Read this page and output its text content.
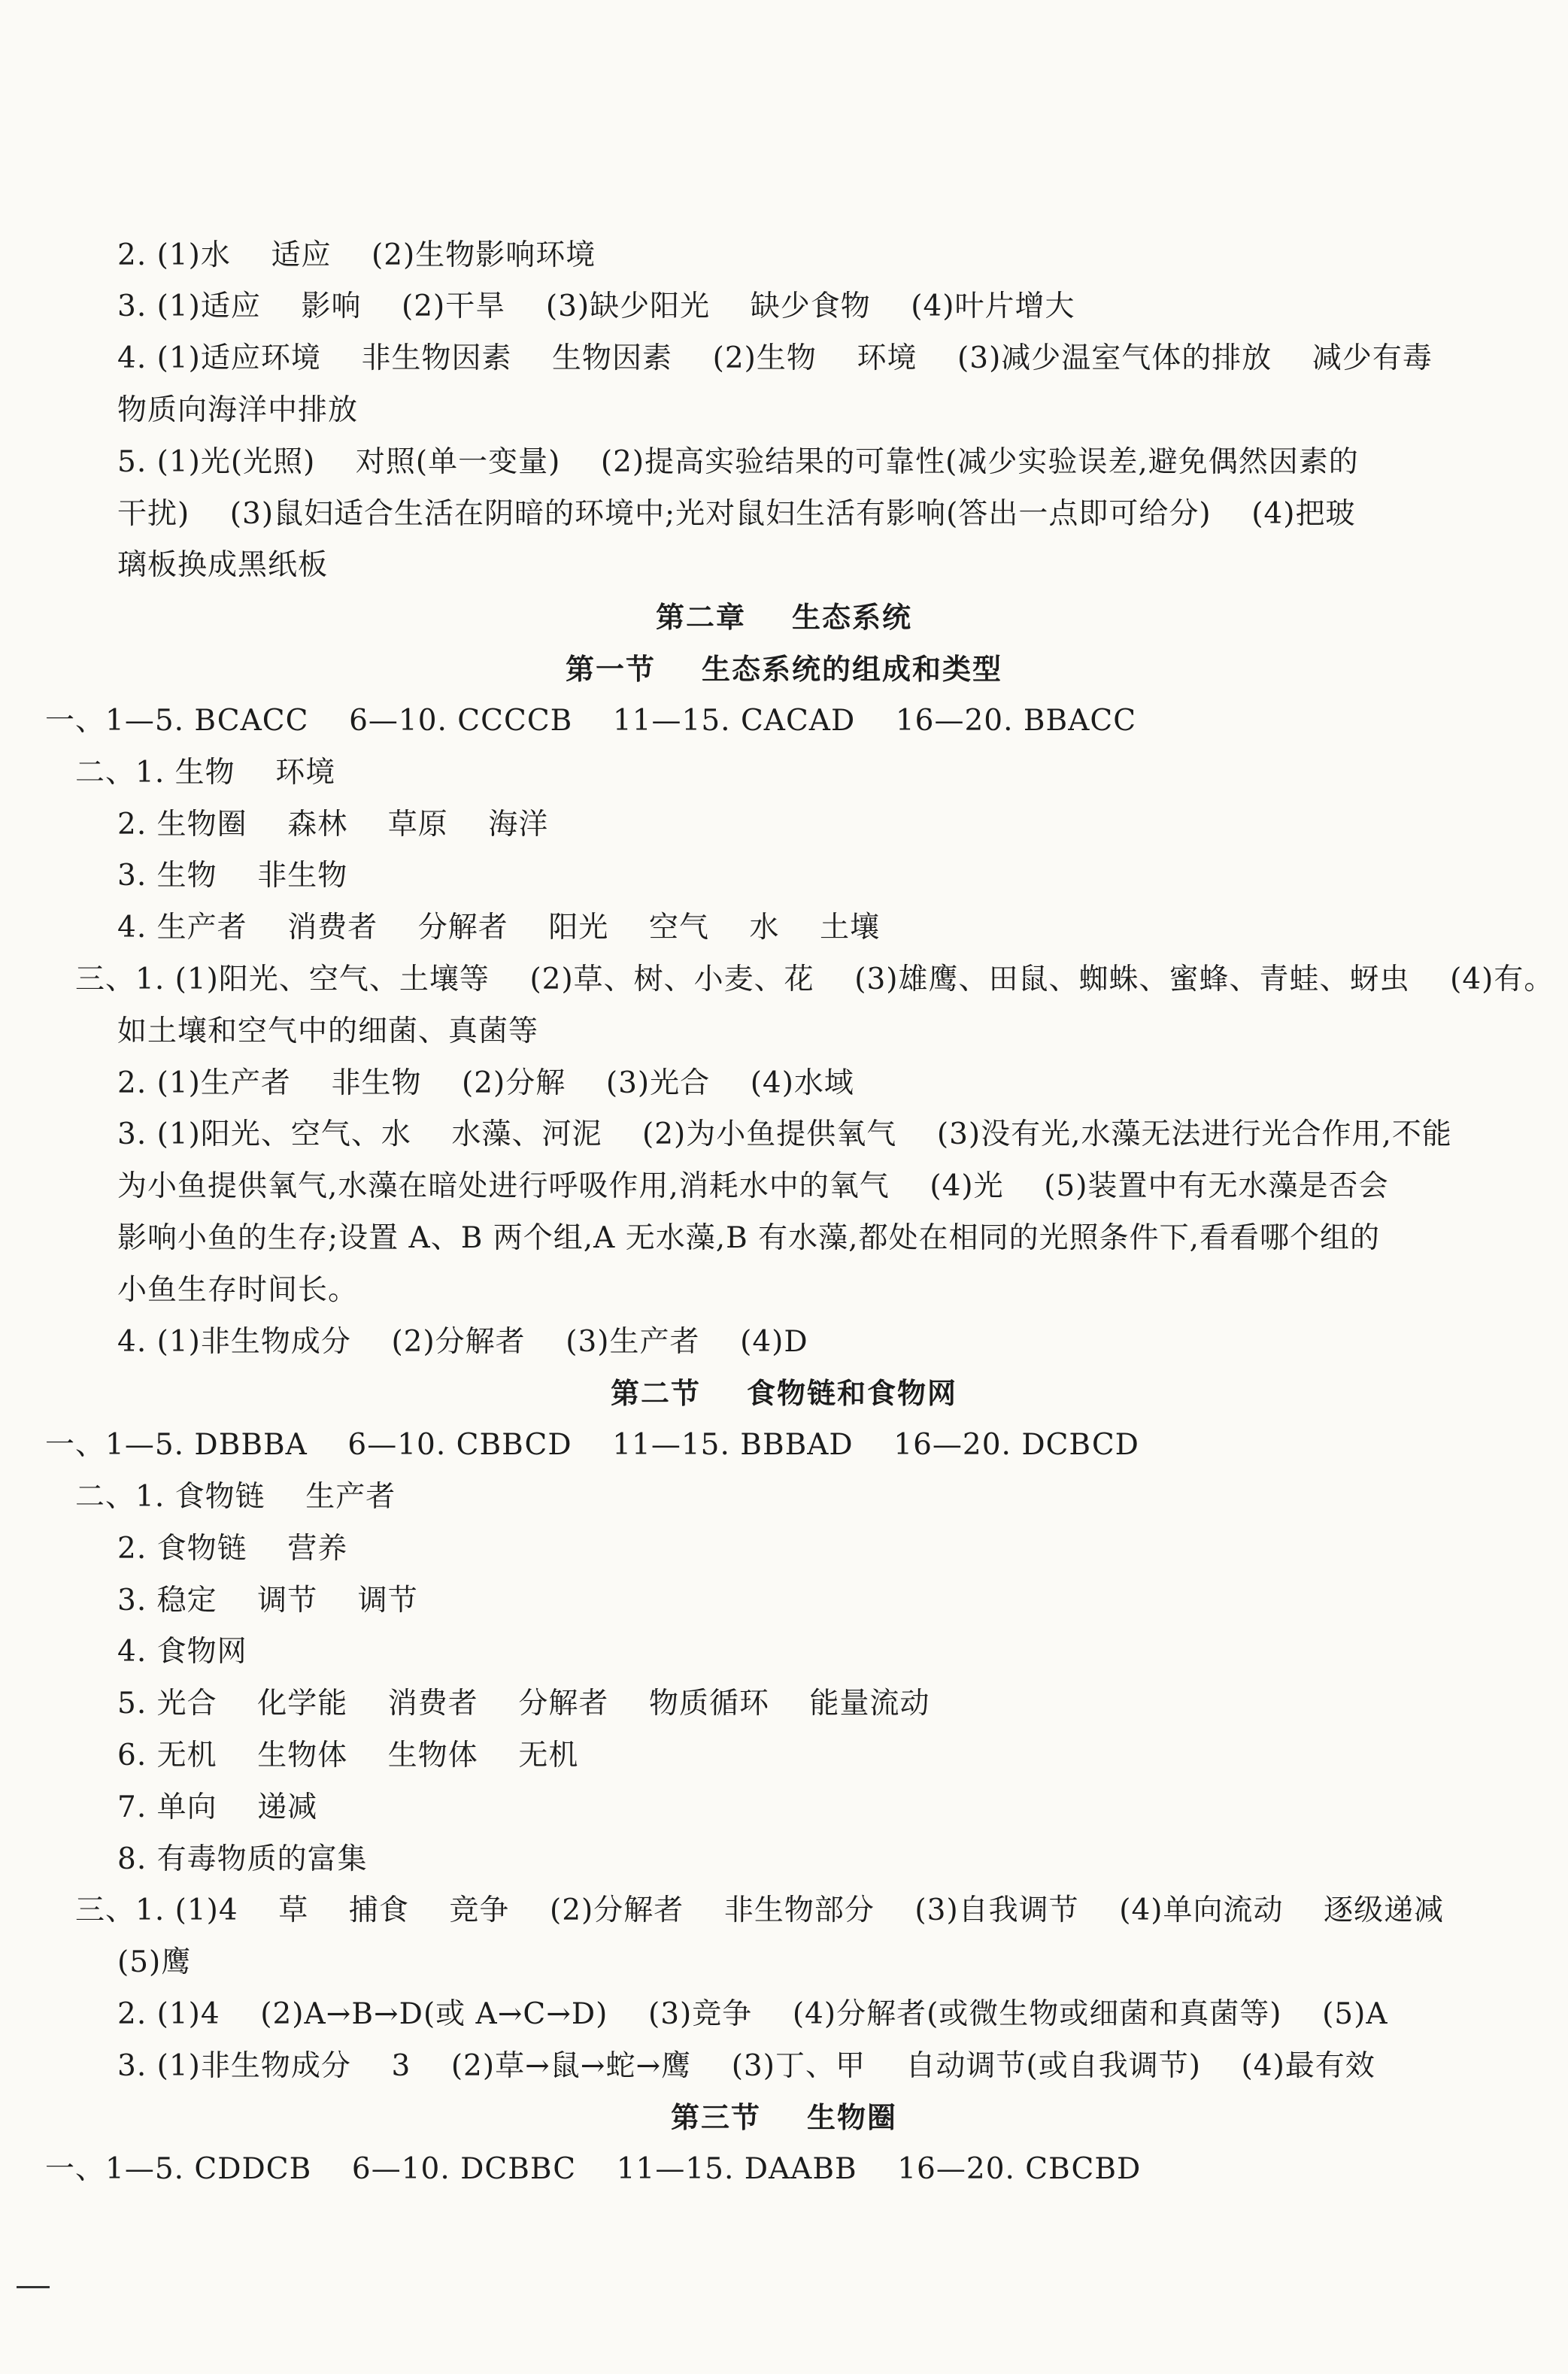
2. (1)水    适应    (2)生物影响环境
3. (1)适应    影响    (2)干旱    (3)缺少阳光    缺少食物    (4)叶片增大
4. (1)适应环境    非生物因素    生物因素    (2)生物    环境    (3)减少温室气体的排放    减少有毒
物质向海洋中排放
5. (1)光(光照)    对照(单一变量)    (2)提高实验结果的可靠性(减少实验误差,避免偶然因素的
干扰)    (3)鼠妇适合生活在阴暗的环境中;光对鼠妇生活有影响(答出一点即可给分)    (4)把玻
璃板换成黑纸板
第二章    生态系统
第一节    生态系统的组成和类型
一、1—5. BCACC    6—10. CCCCB    11—15. CACAD    16—20. BBACC
二、1. 生物    环境
2. 生物圈    森林    草原    海洋
3. 生物    非生物
4. 生产者    消费者    分解者    阳光    空气    水    土壤
三、1. (1)阳光、空气、土壤等    (2)草、树、小麦、花    (3)雄鹰、田鼠、蜘蛛、蜜蜂、青蛙、蚜虫    (4)有。
如土壤和空气中的细菌、真菌等
2. (1)生产者    非生物    (2)分解    (3)光合    (4)水域
3. (1)阳光、空气、水    水藻、河泥    (2)为小鱼提供氧气    (3)没有光,水藻无法进行光合作用,不能
为小鱼提供氧气,水藻在暗处进行呼吸作用,消耗水中的氧气    (4)光    (5)装置中有无水藻是否会
影响小鱼的生存;设置 A、B 两个组,A 无水藻,B 有水藻,都处在相同的光照条件下,看看哪个组的
小鱼生存时间长。
4. (1)非生物成分    (2)分解者    (3)生产者    (4)D
第二节    食物链和食物网
一、1—5. DBBBA    6—10. CBBCD    11—15. BBBAD    16—20. DCBCD
二、1. 食物链    生产者
2. 食物链    营养
3. 稳定    调节    调节
4. 食物网
5. 光合    化学能    消费者    分解者    物质循环    能量流动
6. 无机    生物体    生物体    无机
7. 单向    递减
8. 有毒物质的富集
三、1. (1)4    草    捕食    竞争    (2)分解者    非生物部分    (3)自我调节    (4)单向流动    逐级递减
(5)鹰
2. (1)4    (2)A→B→D(或 A→C→D)    (3)竞争    (4)分解者(或微生物或细菌和真菌等)    (5)A
3. (1)非生物成分    3    (2)草→鼠→蛇→鹰    (3)丁、甲    自动调节(或自我调节)    (4)最有效
第三节    生物圈
一、1—5. CDDCB    6—10. DCBBC    11—15. DAABB    16—20. CBCBD
